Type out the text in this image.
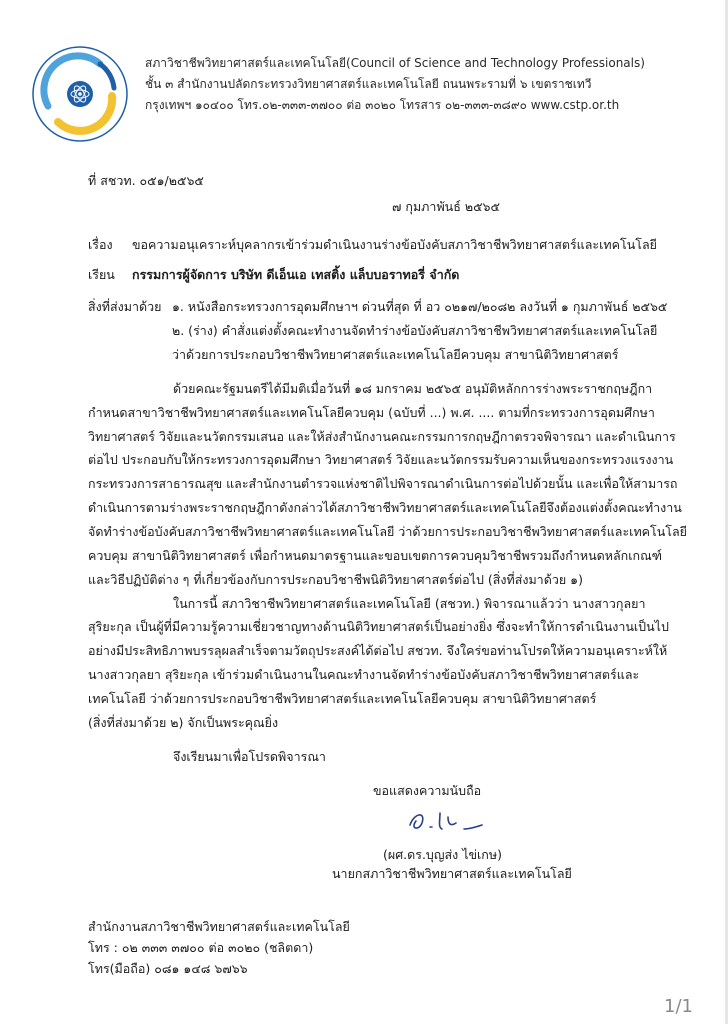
สภาวิชาชีพวิทยาศาสตร์และเทคโนโลยี(Council of Science and Technology Professionals)
ชั้น ๓ สำนักงานปลัดกระทรวงวิทยาศาสตร์และเทคโนโลยี ถนนพระรามที่ ๖ เขตราชเทวี
กรุงเทพฯ ๑๐๔๐๐ โทร.๐๒-๓๓๓-๓๗๐๐ ต่อ ๓๐๒๐ โทรสาร ๐๒-๓๓๓-๓๘๙๐ www.cstp.or.th
ที่ สชวท. ๐๕๑/๒๕๖๕
๗ กุมภาพันธ์ ๒๕๖๕
เรื่อง ขอความอนุเคราะห์บุคลากรเข้าร่วมดำเนินงานร่างข้อบังคับสภาวิชาชีพวิทยาศาสตร์และเทคโนโลยี
เรียน กรรมการผู้จัดการ บริษัท ดีเอ็นเอ เทสติ้ง แล็บบอราทอรี่ จำกัด
สิ่งที่ส่งมาด้วย ๑. หนังสือกระทรวงการอุดมศึกษาฯ ด่วนที่สุด ที่ อว ๐๒๑๗/๒๐๘๒ ลงวันที่ ๑ กุมภาพันธ์ ๒๕๖๕
๒. (ร่าง) คำสั่งแต่งตั้งคณะทำงานจัดทำร่างข้อบังคับสภาวิชาชีพวิทยาศาสตร์และเทคโนโลยี
ว่าด้วยการประกอบวิชาชีพวิทยาศาสตร์และเทคโนโลยีควบคุม สาขานิติวิทยาศาสตร์
ด้วยคณะรัฐมนตรีได้มีมติเมื่อวันที่ ๑๘ มกราคม ๒๕๖๕ อนุมัติหลักการร่างพระราชกฤษฎีกา
กำหนดสาขาวิชาชีพวิทยาศาสตร์และเทคโนโลยีควบคุม (ฉบับที่ ...) พ.ศ. .... ตามที่กระทรวงการอุดมศึกษา
วิทยาศาสตร์ วิจัยและนวัตกรรมเสนอ และให้ส่งสำนักงานคณะกรรมการกฤษฎีกาตรวจพิจารณา และดำเนินการ
ต่อไป ประกอบกับให้กระทรวงการอุดมศึกษา วิทยาศาสตร์ วิจัยและนวัตกรรมรับความเห็นของกระทรวงแรงงาน
กระทรวงการสาธารณสุข และสำนักงานตำรวจแห่งชาติไปพิจารณาดำเนินการต่อไปด้วยนั้น และเพื่อให้สามารถ
ดำเนินการตามร่างพระราชกฤษฎีกาดังกล่าวได้สภาวิชาชีพวิทยาศาสตร์และเทคโนโลยีจึงต้องแต่งตั้งคณะทำงาน
จัดทำร่างข้อบังคับสภาวิชาชีพวิทยาศาสตร์และเทคโนโลยี ว่าด้วยการประกอบวิชาชีพวิทยาศาสตร์และเทคโนโลยี
ควบคุม สาขานิติวิทยาศาสตร์ เพื่อกำหนดมาตรฐานและขอบเขตการควบคุมวิชาชีพรวมถึงกำหนดหลักเกณฑ์
และวิธีปฏิบัติต่าง ๆ ที่เกี่ยวข้องกับการประกอบวิชาชีพนิติวิทยาศาสตร์ต่อไป (สิ่งที่ส่งมาด้วย ๑)
ในการนี้ สภาวิชาชีพวิทยาศาสตร์และเทคโนโลยี (สชวท.) พิจารณาแล้วว่า นางสาวกุลยา
สุริยะกุล เป็นผู้ที่มีความรู้ความเชี่ยวชาญทางด้านนิติวิทยาศาสตร์เป็นอย่างยิ่ง ซึ่งจะทำให้การดำเนินงานเป็นไป
อย่างมีประสิทธิภาพบรรลุผลสำเร็จตามวัตถุประสงค์ได้ต่อไป สชวท. จึงใคร่ขอท่านโปรดให้ความอนุเคราะห์ให้
นางสาวกุลยา สุริยะกุล เข้าร่วมดำเนินงานในคณะทำงานจัดทำร่างข้อบังคับสภาวิชาชีพวิทยาศาสตร์และ
เทคโนโลยี ว่าด้วยการประกอบวิชาชีพวิทยาศาสตร์และเทคโนโลยีควบคุม สาขานิติวิทยาศาสตร์
(สิ่งที่ส่งมาด้วย ๒) จักเป็นพระคุณยิ่ง
จึงเรียนมาเพื่อโปรดพิจารณา
ขอแสดงความนับถือ
(ผศ.ดร.บุญส่ง ไข่เกษ)
นายกสภาวิชาชีพวิทยาศาสตร์และเทคโนโลยี
สำนักงานสภาวิชาชีพวิทยาศาสตร์และเทคโนโลยี
โทร : ๐๒ ๓๓๓ ๓๗๐๐ ต่อ ๓๐๒๐ (ชลิตดา)
โทร(มือถือ) ๐๘๑ ๑๔๘ ๖๗๖๖
1/1
